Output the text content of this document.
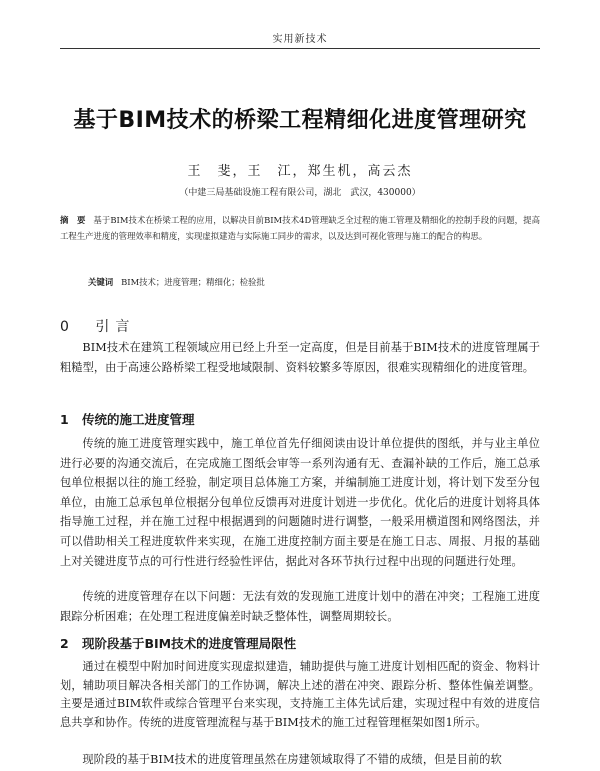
实用新技术
基于BIM技术的桥梁工程精细化进度管理研究
王　斐，王　江，郑生机，高云杰
（中建三局基础设施工程有限公司，湖北　武汉，430000）
摘　要 基于BIM技术在桥梁工程的应用，以解决目前BIM技术4D管理缺乏全过程的施工管理及精细化的控制手段的问题，提高工程生产进度的管理效率和精度，实现虚拟建造与实际施工同步的需求，以及达到可视化管理与施工的配合的构思。
关键词 BIM技术；进度管理；精细化；检验批
0 引言

BIM技术在建筑工程领域应用已经上升至一定高度，但是目前基于BIM技术的进度管理属于粗糙型，由于高速公路桥梁工程受地域限制、资料较繁多等原因，很难实现精细化的进度管理。

1 传统的施工进度管理

传统的施工进度管理实践中，施工单位首先仔细阅读由设计单位提供的图纸，并与业主单位进行必要的沟通交流后，在完成施工图纸会审等一系列沟通有无、查漏补缺的工作后，施工总承包单位根据以往的施工经验，制定项目总体施工方案，并编制施工进度计划，将计划下发至分包单位，由施工总承包单位根据分包单位反馈再对进度计划进一步优化。优化后的进度计划将具体指导施工过程，并在施工过程中根据遇到的问题随时进行调整，一般采用横道图和网络图法，并可以借助相关工程进度软件来实现，在施工进度控制方面主要是在施工日志、周报、月报的基础上对关键进度节点的可行性进行经验性评估，据此对各环节执行过程中出现的问题进行处理。

传统的进度管理存在以下问题：无法有效的发现施工进度计划中的潜在冲突；工程施工进度跟踪分析困难；在处理工程进度偏差时缺乏整体性，调整周期较长。

2 现阶段基于BIM技术的进度管理局限性

通过在模型中附加时间进度实现虚拟建造，辅助提供与施工进度计划相匹配的资金、物料计划，辅助项目解决各相关部门的工作协调，解决上述的潜在冲突、跟踪分析、整体性偏差调整。主要是通过BIM软件或综合管理平台来实现，支持施工主体先试后建，实现过程中有效的进度信息共享和协作。传统的进度管理流程与基于BIM技术的施工过程管理框架如图1所示。

现阶段的基于BIM技术的进度管理虽然在房建领域取得了不错的成绩，但是目前的软
